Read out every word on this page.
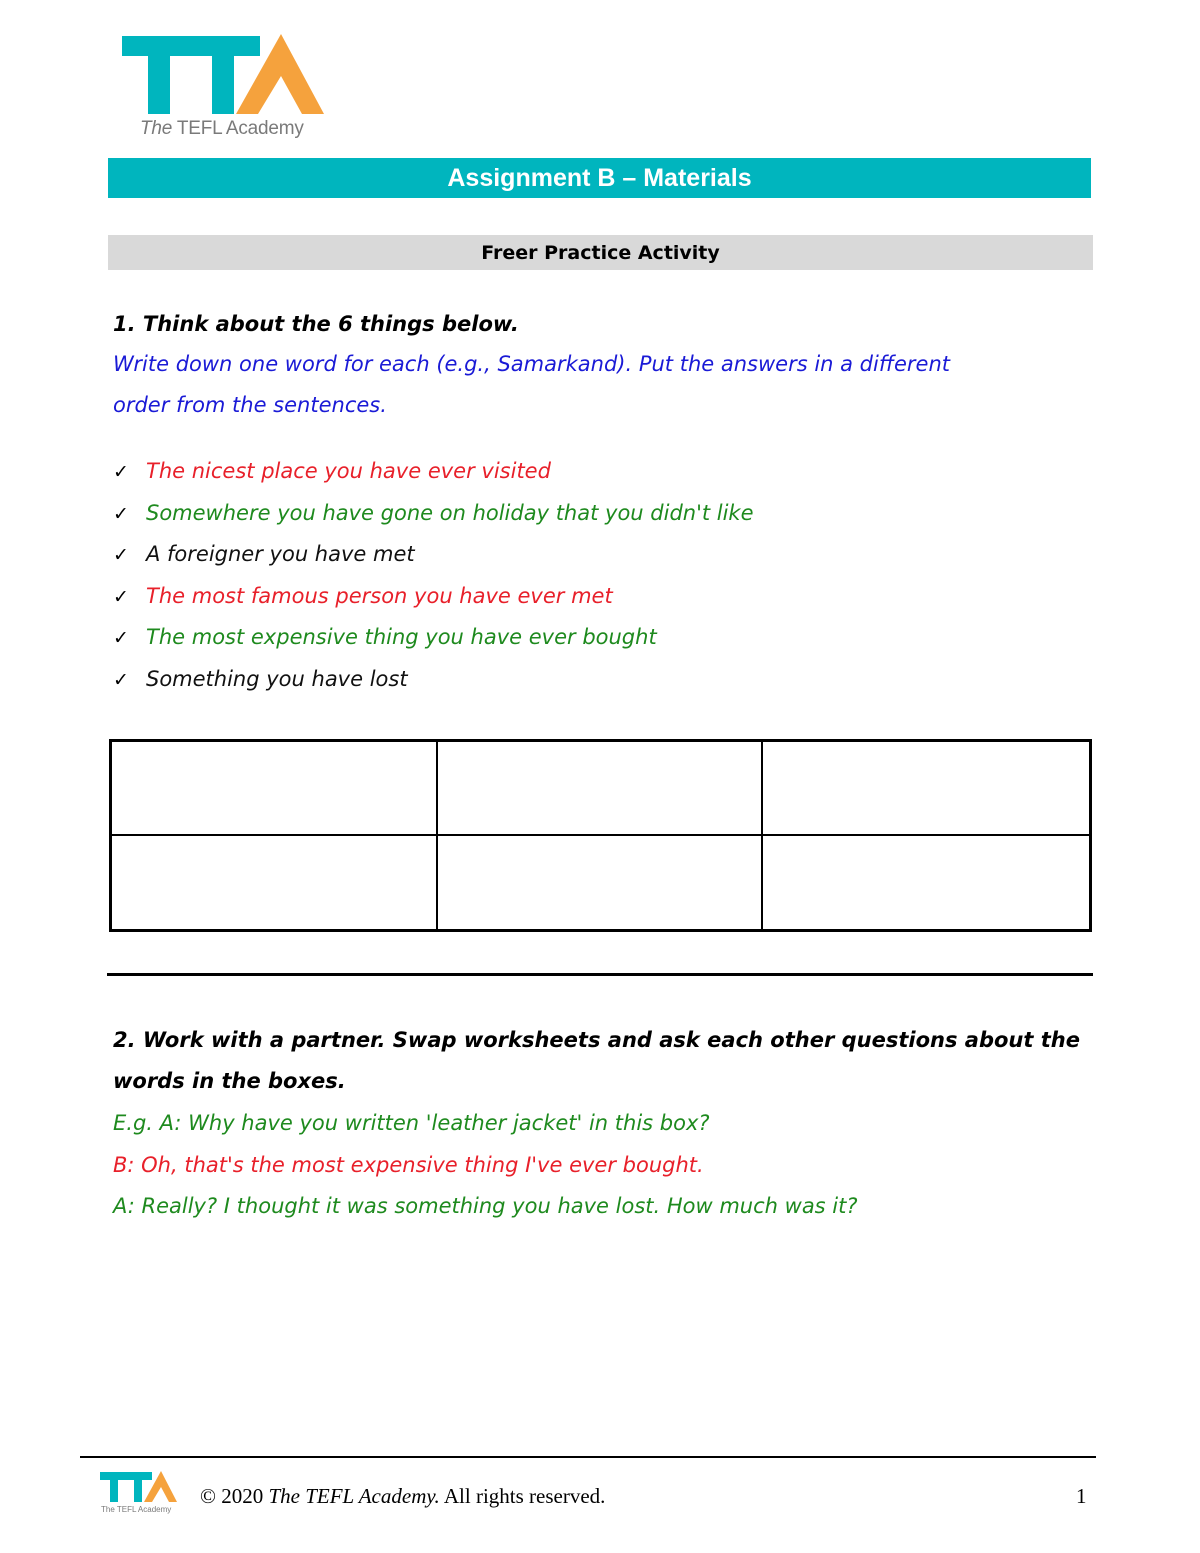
The TEFL Academy
Assignment B – Materials
Freer Practice Activity
1. Think about the 6 things below.
Write down one word for each (e.g., Samarkand). Put the answers in a different
order from the sentences.
✓ The nicest place you have ever visited
✓ Somewhere you have gone on holiday that you didn't like
✓ A foreigner you have met
✓ The most famous person you have ever met
✓ The most expensive thing you have ever bought
✓ Something you have lost
2. Work with a partner. Swap worksheets and ask each other questions about the
words in the boxes.
E.g. A: Why have you written 'leather jacket' in this box?
B: Oh, that's the most expensive thing I've ever bought.
A: Really? I thought it was something you have lost. How much was it?
The TEFL Academy
© 2020 The TEFL Academy. All rights reserved.	1
